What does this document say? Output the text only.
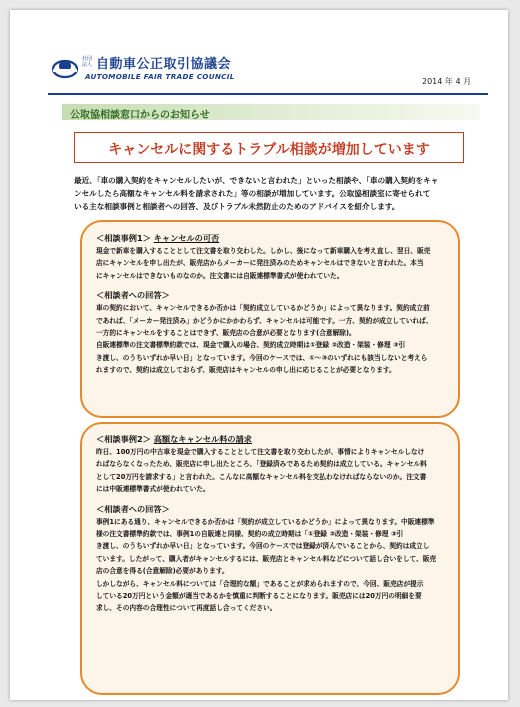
社団法人 自動車公正取引協議会
AUTOMOBILE FAIR TRADE COUNCIL
2014 年 4 月
公取協相談窓口からのお知らせ
キャンセルに関するトラブル相談が増加しています

最近、「車の購入契約をキャンセルしたいが、できないと言われた」といった相談や、「車の購入契約をキャ

ンセルしたら高額なキャンセル料を請求された」等の相談が増加しています。公取協相談室に寄せられて

いる主な相談事例と相談者への回答、及びトラブル未然防止のためのアドバイスを紹介します。

＜相談事例1＞ キャンセルの可否

現金で新車を購入することとして注文書を取り交わした。しかし、後になって新車購入を考え直し、翌日、販売

店にキャンセルを申し出たが、販売店からメーカーに発注済みのためキャンセルはできないと言われた。本当

にキャンセルはできないものなのか。注文書には自販連標準書式が使われていた。

＜相談者への回答＞

車の契約において、キャンセルできるか否かは「契約成立しているかどうか」によって異なります。契約成立前

であれば、「メーカー発注済み」かどうかにかかわらず、キャンセルは可能です。一方、契約が成立していれば、

一方的にキャンセルをすることはできず、販売店の合意が必要となります(合意解除)。

自販連標準の注文書標準約款では、現金で購入の場合、契約成立時期は①登録 ②改造・架装・修理 ③引

き渡し、のうちいずれか早い日」となっています。今回のケースでは、①～③のいずれにも該当しないと考えら

れますので、契約は成立しておらず、販売店はキャンセルの申し出に応じることが必要となります。

＜相談事例2＞ 高額なキャンセル料の請求

昨日、100万円の中古車を現金で購入することとして注文書を取り交わしたが、事情によりキャンセルしなけ

ればならなくなったため、販売店に申し出たところ、「登録済みであるため契約は成立している。キャンセル料

として20万円を請求する」と言われた。こんなに高額なキャンセル料を支払わなければならないのか。注文書

には中販連標準書式が使われていた。

＜相談者への回答＞

事例1にある通り、キャンセルできるか否かは「契約が成立しているかどうか」によって異なります。中販連標準

様の注文書標準約款では、事例1の自販連と同様、契約の成立時期は「①登録 ②改造・架装・修理 ③引

き渡し、のうちいずれか早い日」となっています。今回のケースでは登録が済んでいることから、契約は成立し

ています。したがって、購入者がキャンセルするには、販売店とキャンセル料などについて話し合いをして、販売

店の合意を得る(合意解除)必要があります。

しかしながら、キャンセル料については「合理的な額」であることが求められますので、今回、販売店が提示

している20万円という金額が適当であるかを慎重に判断することになります。販売店には20万円の明細を要

求し、その内容の合理性について再度話し合ってください。
